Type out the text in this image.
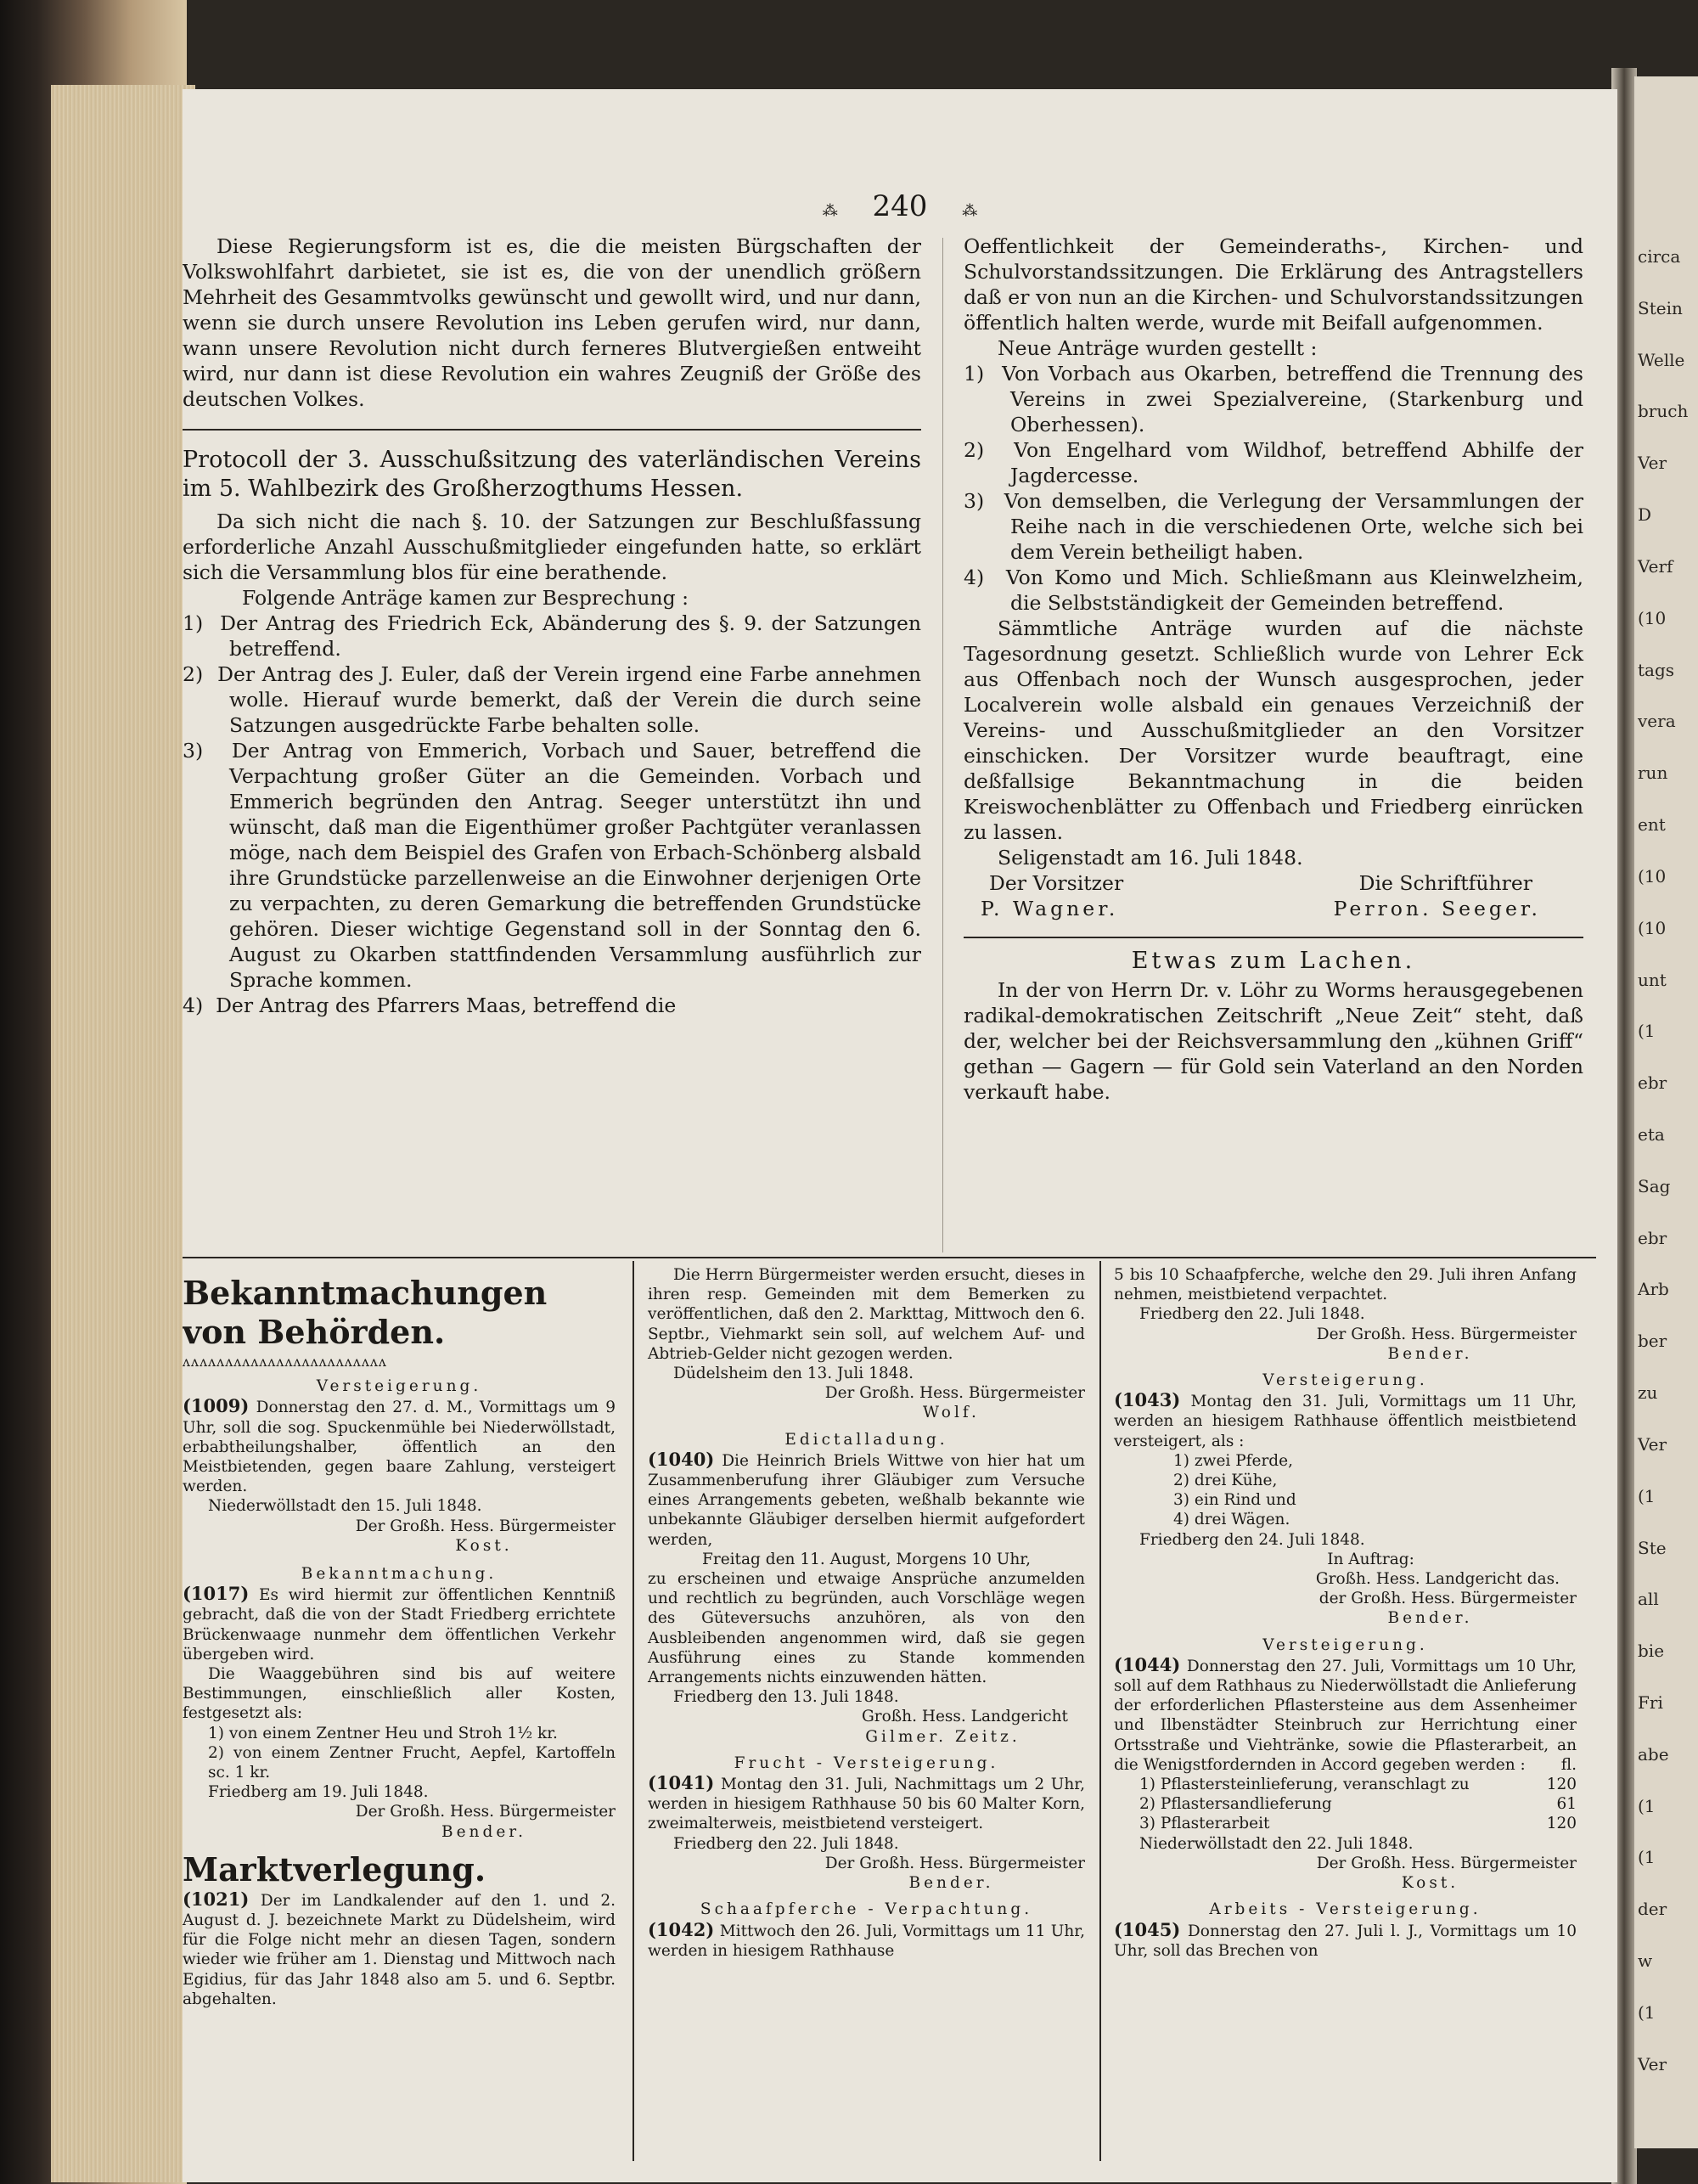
circa
Stein
Welle
bruch
Ver
D
Verf
(10
tags
vera
run
ent
(10
(10
unt
(1
ebr
eta
Sag
ebr
Arb
ber
zu
Ver
(1
Ste
all
bie
Fri
abe
(1
(1
der
w
(1
Ver
⁂ 240 ⁂

Diese Regierungsform ist es, die die meisten Bürgschaften der Volkswohlfahrt darbietet, sie ist es, die von der unendlich größern Mehrheit des Gesammtvolks gewünscht und gewollt wird, und nur dann, wenn sie durch unsere Revolution ins Leben gerufen wird, nur dann, wann unsere Revolution nicht durch ferneres Blutvergießen entweiht wird, nur dann ist diese Revolution ein wahres Zeugniß der Größe des deutschen Volkes.

Protocoll der 3. Ausschußsitzung des vaterländischen Vereins im 5. Wahlbezirk des Großherzogthums Hessen.

Da sich nicht die nach §. 10. der Satzungen zur Beschlußfassung erforderliche Anzahl Ausschußmitglieder eingefunden hatte, so erklärt sich die Versammlung blos für eine berathende.

Folgende Anträge kamen zur Besprechung :

1) Der Antrag des Friedrich Eck, Abänderung des §. 9. der Satzungen betreffend.

2) Der Antrag des J. Euler, daß der Verein irgend eine Farbe annehmen wolle. Hierauf wurde bemerkt, daß der Verein die durch seine Satzungen ausgedrückte Farbe behalten solle.

3) Der Antrag von Emmerich, Vorbach und Sauer, betreffend die Verpachtung großer Güter an die Gemeinden. Vorbach und Emmerich begründen den Antrag. Seeger unterstützt ihn und wünscht, daß man die Eigenthümer großer Pachtgüter veranlassen möge, nach dem Beispiel des Grafen von Erbach-Schönberg alsbald ihre Grundstücke parzellenweise an die Einwohner derjenigen Orte zu verpachten, zu deren Gemarkung die betreffenden Grundstücke gehören. Dieser wichtige Gegenstand soll in der Sonntag den 6. August zu Okarben stattfindenden Versammlung ausführlich zur Sprache kommen.

4) Der Antrag des Pfarrers Maas, betreffend die

Oeffentlichkeit der Gemeinderaths-, Kirchen- und Schulvorstandssitzungen. Die Erklärung des Antragstellers daß er von nun an die Kirchen- und Schulvorstandssitzungen öffentlich halten werde, wurde mit Beifall aufgenommen.

Neue Anträge wurden gestellt :

1) Von Vorbach aus Okarben, betreffend die Trennung des Vereins in zwei Spezialvereine, (Starkenburg und Oberhessen).

2) Von Engelhard vom Wildhof, betreffend Abhilfe der Jagdercesse.

3) Von demselben, die Verlegung der Versammlungen der Reihe nach in die verschiedenen Orte, welche sich bei dem Verein betheiligt haben.

4) Von Komo und Mich. Schließmann aus Kleinwelzheim, die Selbstständigkeit der Gemeinden betreffend.

Sämmtliche Anträge wurden auf die nächste Tagesordnung gesetzt. Schließlich wurde von Lehrer Eck aus Offenbach noch der Wunsch ausgesprochen, jeder Localverein wolle alsbald ein genaues Verzeichniß der Vereins- und Ausschußmitglieder an den Vorsitzer einschicken. Der Vorsitzer wurde beauftragt, eine deßfallsige Bekanntmachung in die beiden Kreiswochenblätter zu Offenbach und Friedberg einrücken zu lassen.

Seligenstadt am 16. Juli 1848.

Der Vorsitzer	Die Schriftführer
P. Wagner.	Perron. Seeger.

Etwas zum Lachen.

In der von Herrn Dr. v. Löhr zu Worms herausgegebenen radikal-demokratischen Zeitschrift „Neue Zeit“ steht, daß der, welcher bei der Reichsversammlung den „kühnen Griff“ gethan — Gagern — für Gold sein Vaterland an den Norden verkauft habe.

Bekanntmachungen von Behörden.

ʌʌʌʌʌʌʌʌʌʌʌʌʌʌʌʌʌʌʌʌʌʌʌʌ

Versteigerung.

(1009) Donnerstag den 27. d. M., Vormittags um 9 Uhr, soll die sog. Spuckenmühle bei Niederwöllstadt, erbabtheilungshalber, öffentlich an den Meistbietenden, gegen baare Zahlung, versteigert werden.

Niederwöllstadt den 15. Juli 1848.

Der Großh. Hess. Bürgermeister

Kost.

Bekanntmachung.

(1017) Es wird hiermit zur öffentlichen Kenntniß gebracht, daß die von der Stadt Friedberg errichtete Brückenwaage nunmehr dem öffentlichen Verkehr übergeben wird.

Die Waaggebühren sind bis auf weitere Bestimmungen, einschließlich aller Kosten, festgesetzt als:

1) von einem Zentner Heu und Stroh 1½ kr.

2) von einem Zentner Frucht, Aepfel, Kartoffeln sc. 1 kr.

Friedberg am 19. Juli 1848.

Der Großh. Hess. Bürgermeister

Bender.

Marktverlegung.

(1021) Der im Landkalender auf den 1. und 2. August d. J. bezeichnete Markt zu Düdelsheim, wird für die Folge nicht mehr an diesen Tagen, sondern wieder wie früher am 1. Dienstag und Mittwoch nach Egidius, für das Jahr 1848 also am 5. und 6. Septbr. abgehalten.

Die Herrn Bürgermeister werden ersucht, dieses in ihren resp. Gemeinden mit dem Bemerken zu veröffentlichen, daß den 2. Markttag, Mittwoch den 6. Septbr., Viehmarkt sein soll, auf welchem Auf- und Abtrieb-Gelder nicht gezogen werden.

Düdelsheim den 13. Juli 1848.

Der Großh. Hess. Bürgermeister

Wolf.

Edictalladung.

(1040) Die Heinrich Briels Wittwe von hier hat um Zusammenberufung ihrer Gläubiger zum Versuche eines Arrangements gebeten, weßhalb bekannte wie unbekannte Gläubiger derselben hiermit aufgefordert werden,

Freitag den 11. August, Morgens 10 Uhr,

zu erscheinen und etwaige Ansprüche anzumelden und rechtlich zu begründen, auch Vorschläge wegen des Güteversuchs anzuhören, als von den Ausbleibenden angenommen wird, daß sie gegen Ausführung eines zu Stande kommenden Arrangements nichts einzuwenden hätten.

Friedberg den 13. Juli 1848.

Großh. Hess. Landgericht

Gilmer. Zeitz.

Frucht - Versteigerung.

(1041) Montag den 31. Juli, Nachmittags um 2 Uhr, werden in hiesigem Rathhause 50 bis 60 Malter Korn, zweimalterweis, meistbietend versteigert.

Friedberg den 22. Juli 1848.

Der Großh. Hess. Bürgermeister

Bender.

Schaafpferche - Verpachtung.

(1042) Mittwoch den 26. Juli, Vormittags um 11 Uhr, werden in hiesigem Rathhause

5 bis 10 Schaafpferche, welche den 29. Juli ihren Anfang nehmen, meistbietend verpachtet.

Friedberg den 22. Juli 1848.

Der Großh. Hess. Bürgermeister

Bender.

Versteigerung.

(1043) Montag den 31. Juli, Vormittags um 11 Uhr, werden an hiesigem Rathhause öffentlich meistbietend versteigert, als :

1) zwei Pferde,

2) drei Kühe,

3) ein Rind und

4) drei Wägen.

Friedberg den 24. Juli 1848.

In Auftrag:

Großh. Hess. Landgericht das.

der Großh. Hess. Bürgermeister

Bender.

Versteigerung.

(1044) Donnerstag den 27. Juli, Vormittags um 10 Uhr, soll auf dem Rathhaus zu Niederwöllstadt die Anlieferung der erforderlichen Pflastersteine aus dem Assenheimer und Ilbenstädter Steinbruch zur Herrichtung einer Ortsstraße und Viehtränke, sowie die Pflasterarbeit, an die Wenigstfordernden in Accord gegeben werden : fl.

1) Pflastersteinlieferung, veranschlagt zu	120
2) Pflastersandlieferung	61
3) Pflasterarbeit	120

Niederwöllstadt den 22. Juli 1848.

Der Großh. Hess. Bürgermeister

Kost.

Arbeits - Versteigerung.

(1045) Donnerstag den 27. Juli l. J., Vormittags um 10 Uhr, soll das Brechen von
